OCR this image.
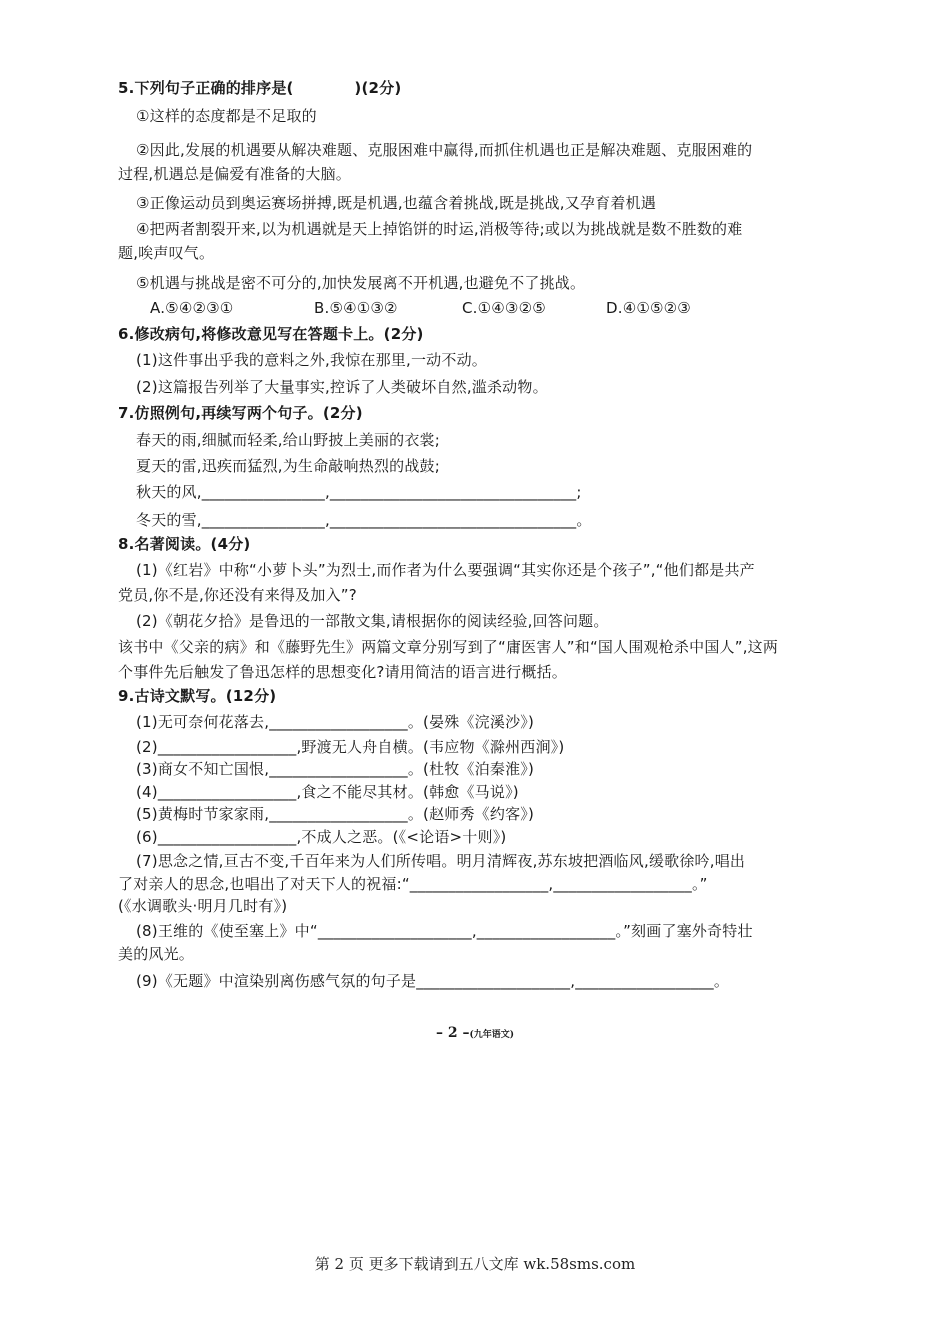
5.下列句子正确的排序是(　　　　)(2分)
①这样的态度都是不足取的
②因此,发展的机遇要从解决难题、克服困难中赢得,而抓住机遇也正是解决难题、克服困难的
过程,机遇总是偏爱有准备的大脑。
③正像运动员到奥运赛场拼搏,既是机遇,也蕴含着挑战,既是挑战,又孕育着机遇
④把两者割裂开来,以为机遇就是天上掉馅饼的时运,消极等待;或以为挑战就是数不胜数的难
题,唉声叹气。
⑤机遇与挑战是密不可分的,加快发展离不开机遇,也避免不了挑战。
A.⑤④②③①	B.⑤④①③②	C.①④③②⑤	D.④①⑤②③
6.修改病句,将修改意见写在答题卡上。(2分)
(1)这件事出乎我的意料之外,我惊在那里,一动不动。
(2)这篇报告列举了大量事实,控诉了人类破坏自然,滥杀动物。
7.仿照例句,再续写两个句子。(2分)
春天的雨,细腻而轻柔,给山野披上美丽的衣裳;
夏天的雷,迅疾而猛烈,为生命敲响热烈的战鼓;
秋天的风,________________,________________________________;
冬天的雪,________________,________________________________。
8.名著阅读。(4分)
(1)《红岩》中称“小萝卜头”为烈士,而作者为什么要强调“其实你还是个孩子”,“他们都是共产
党员,你不是,你还没有来得及加入”?
(2)《朝花夕拾》是鲁迅的一部散文集,请根据你的阅读经验,回答问题。
该书中《父亲的病》和《藤野先生》两篇文章分别写到了“庸医害人”和“国人围观枪杀中国人”,这两
个事件先后触发了鲁迅怎样的思想变化?请用简洁的语言进行概括。
9.古诗文默写。(12分)
(1)无可奈何花落去,__________________。(晏殊《浣溪沙》)
(2)__________________,野渡无人舟自横。(韦应物《滁州西涧》)
(3)商女不知亡国恨,__________________。(杜牧《泊秦淮》)
(4)__________________,食之不能尽其材。(韩愈《马说》)
(5)黄梅时节家家雨,__________________。(赵师秀《约客》)
(6)__________________,不成人之恶。(《<论语>十则》)
(7)思念之情,亘古不变,千百年来为人们所传唱。明月清辉夜,苏东坡把酒临风,缓歌徐吟,唱出
了对亲人的思念,也唱出了对天下人的祝福:“__________________,__________________。”
(《水调歌头·明月几时有》)
(8)王维的《使至塞上》中“____________________,__________________。”刻画了塞外奇特壮
美的风光。
(9)《无题》中渲染别离伤感气氛的句子是____________________,__________________。
– 2 –(九年语文)
第 2 页 更多下载请到五八文库 wk.58sms.com
